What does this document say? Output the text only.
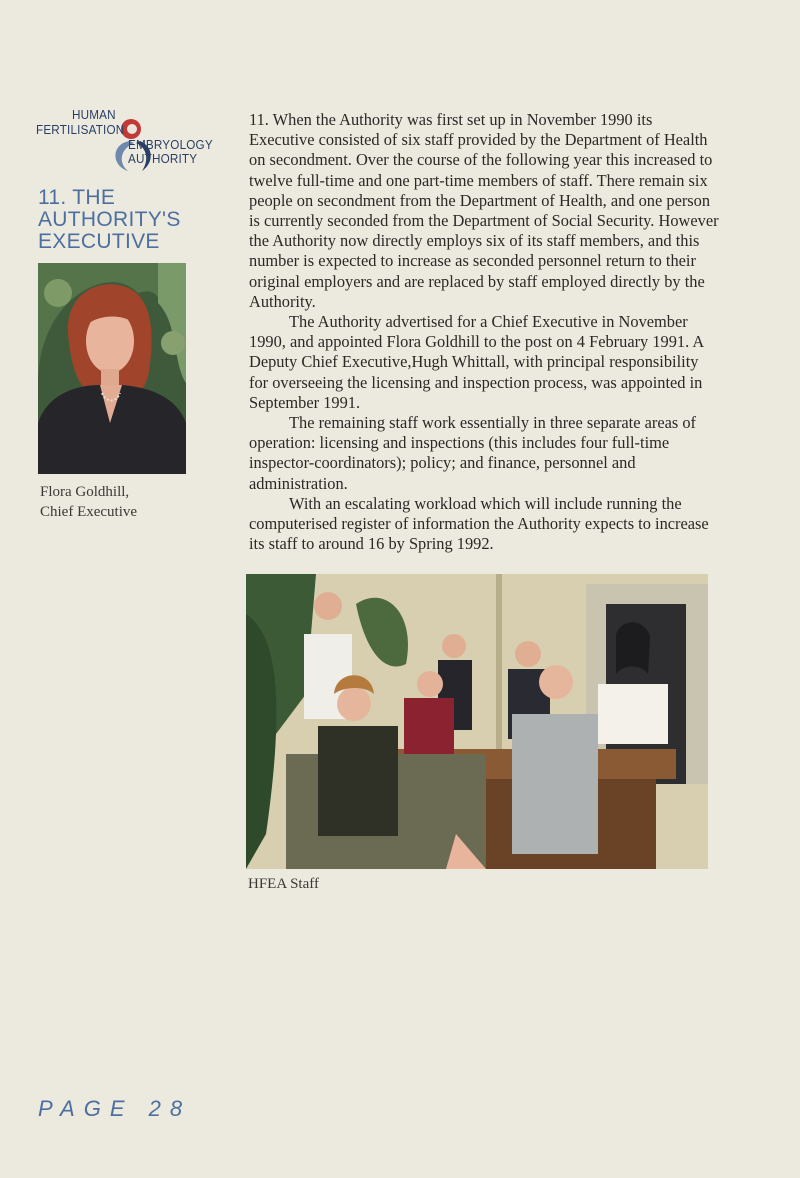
HUMAN
FERTILISATION
EMBRYOLOGY
AUTHORITY
11. THE
AUTHORITY'S
EXECUTIVE

Flora Goldhill,

Chief Executive

11. When the Authority was first set up in November 1990 its Executive consisted of six staff provided by the Department of Health on secondment. Over the course of the following year this increased to twelve full-time and one part-time members of staff. There remain six people on secondment from the Department of Health, and one person is currently seconded from the Department of Social Security. However the Authority now directly employs six of its staff members, and this number is expected to increase as seconded personnel return to their original employers and are replaced by staff employed directly by the Authority.

The Authority advertised for a Chief Executive in November 1990, and appointed Flora Goldhill to the post on 4 February 1991. A Deputy Chief Executive,Hugh Whittall, with principal responsibility for overseeing the licensing and inspection process, was appointed in September 1991.

The remaining staff work essentially in three separate areas of operation: licensing and inspections (this includes four full-time inspector-coordinators); policy; and finance, personnel and administration.

With an escalating workload which will include running the computerised register of information the Authority expects to increase its staff to around 16 by Spring 1992.

HFEA Staff

PAGE 28
